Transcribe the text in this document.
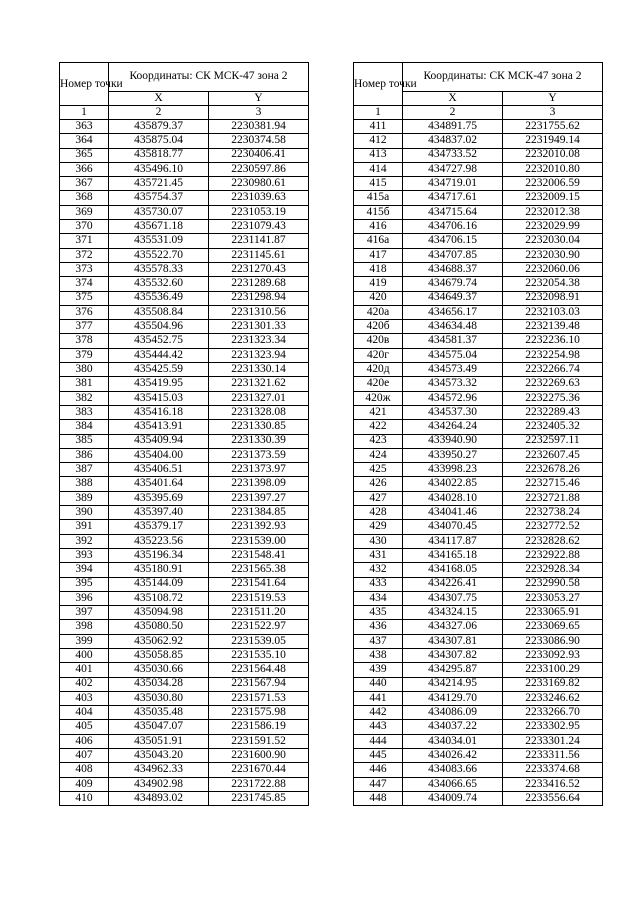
Номер точки	Координаты: СК МСК-47 зона 2	
	X	Y
1	2	3
363	435879.37	2230381.94
364	435875.04	2230374.58
365	435818.77	2230406.41
366	435496.10	2230597.86
367	435721.45	2230980.61
368	435754.37	2231039.63
369	435730.07	2231053.19
370	435671.18	2231079.43
371	435531.09	2231141.87
372	435522.70	2231145.61
373	435578.33	2231270.43
374	435532.60	2231289.68
375	435536.49	2231298.94
376	435508.84	2231310.56
377	435504.96	2231301.33
378	435452.75	2231323.34
379	435444.42	2231323.94
380	435425.59	2231330.14
381	435419.95	2231321.62
382	435415.03	2231327.01
383	435416.18	2231328.08
384	435413.91	2231330.85
385	435409.94	2231330.39
386	435404.00	2231373.59
387	435406.51	2231373.97
388	435401.64	2231398.09
389	435395.69	2231397.27
390	435397.40	2231384.85
391	435379.17	2231392.93
392	435223.56	2231539.00
393	435196.34	2231548.41
394	435180.91	2231565.38
395	435144.09	2231541.64
396	435108.72	2231519.53
397	435094.98	2231511.20
398	435080.50	2231522.97
399	435062.92	2231539.05
400	435058.85	2231535.10
401	435030.66	2231564.48
402	435034.28	2231567.94
403	435030.80	2231571.53
404	435035.48	2231575.98
405	435047.07	2231586.19
406	435051.91	2231591.52
407	435043.20	2231600.90
408	434962.33	2231670.44
409	434902.98	2231722.88
410	434893.02	2231745.85
Номер точки	Координаты: СК МСК-47 зона 2	
	X	Y
1	2	3
411	434891.75	2231755.62
412	434837.02	2231949.14
413	434733.52	2232010.08
414	434727.98	2232010.80
415	434719.01	2232006.59
415а	434717.61	2232009.15
415б	434715.64	2232012.38
416	434706.16	2232029.99
416а	434706.15	2232030.04
417	434707.85	2232030.90
418	434688.37	2232060.06
419	434679.74	2232054.38
420	434649.37	2232098.91
420а	434656.17	2232103.03
420б	434634.48	2232139.48
420в	434581.37	2232236.10
420г	434575.04	2232254.98
420д	434573.49	2232266.74
420е	434573.32	2232269.63
420ж	434572.96	2232275.36
421	434537.30	2232289.43
422	434264.24	2232405.32
423	433940.90	2232597.11
424	433950.27	2232607.45
425	433998.23	2232678.26
426	434022.85	2232715.46
427	434028.10	2232721.88
428	434041.46	2232738.24
429	434070.45	2232772.52
430	434117.87	2232828.62
431	434165.18	2232922.88
432	434168.05	2232928.34
433	434226.41	2232990.58
434	434307.75	2233053.27
435	434324.15	2233065.91
436	434327.06	2233069.65
437	434307.81	2233086.90
438	434307.82	2233092.93
439	434295.87	2233100.29
440	434214.95	2233169.82
441	434129.70	2233246.62
442	434086.09	2233266.70
443	434037.22	2233302.95
444	434034.01	2233301.24
445	434026.42	2233311.56
446	434083.66	2233374.68
447	434066.65	2233416.52
448	434009.74	2233556.64
